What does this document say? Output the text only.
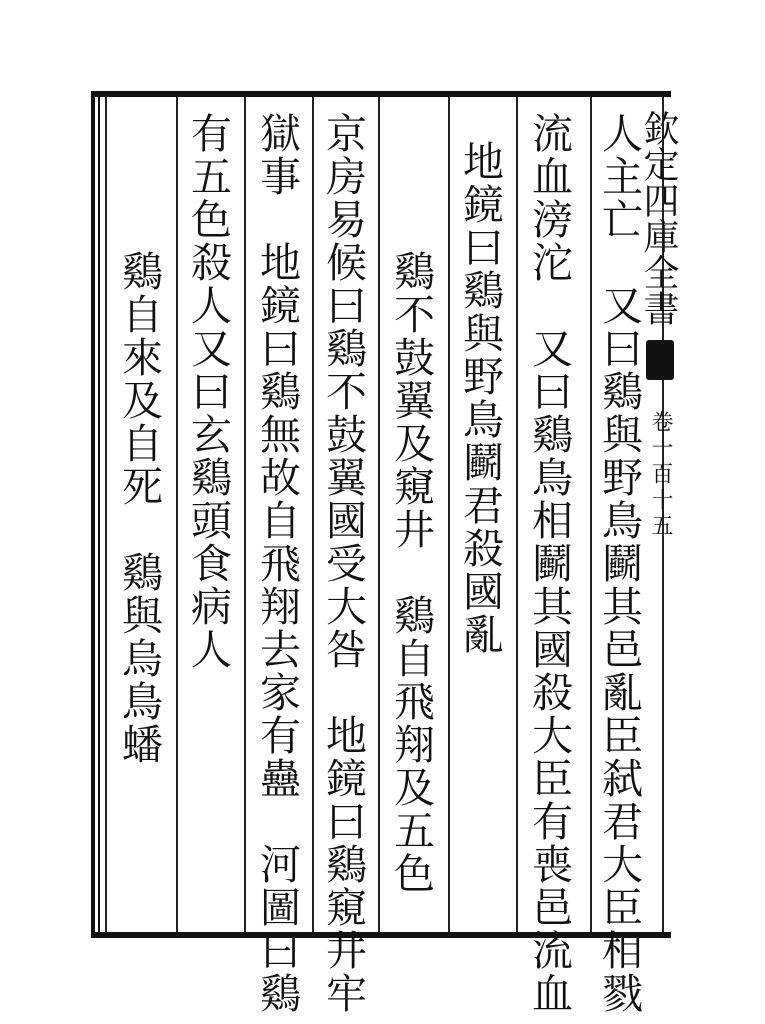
欽定四庫全書
卷一百十五
人主亡　又曰鷄與野鳥鬬其邑亂臣弑君大臣相戮
流血滂沱　又曰鷄鳥相鬬其國殺大臣有喪邑流血
地鏡曰鷄與野鳥鬬君殺國亂
鷄不鼓翼及窺井　鷄自飛翔及五色
京房易候曰鷄不鼓翼國受大咎　地鏡曰鷄窺井牢
獄事　地鏡曰鷄無故自飛翔去家有蠱　河圖曰鷄
有五色殺人又曰玄鷄頭食病人
鷄自來及自死　鷄與烏鳥蟠
